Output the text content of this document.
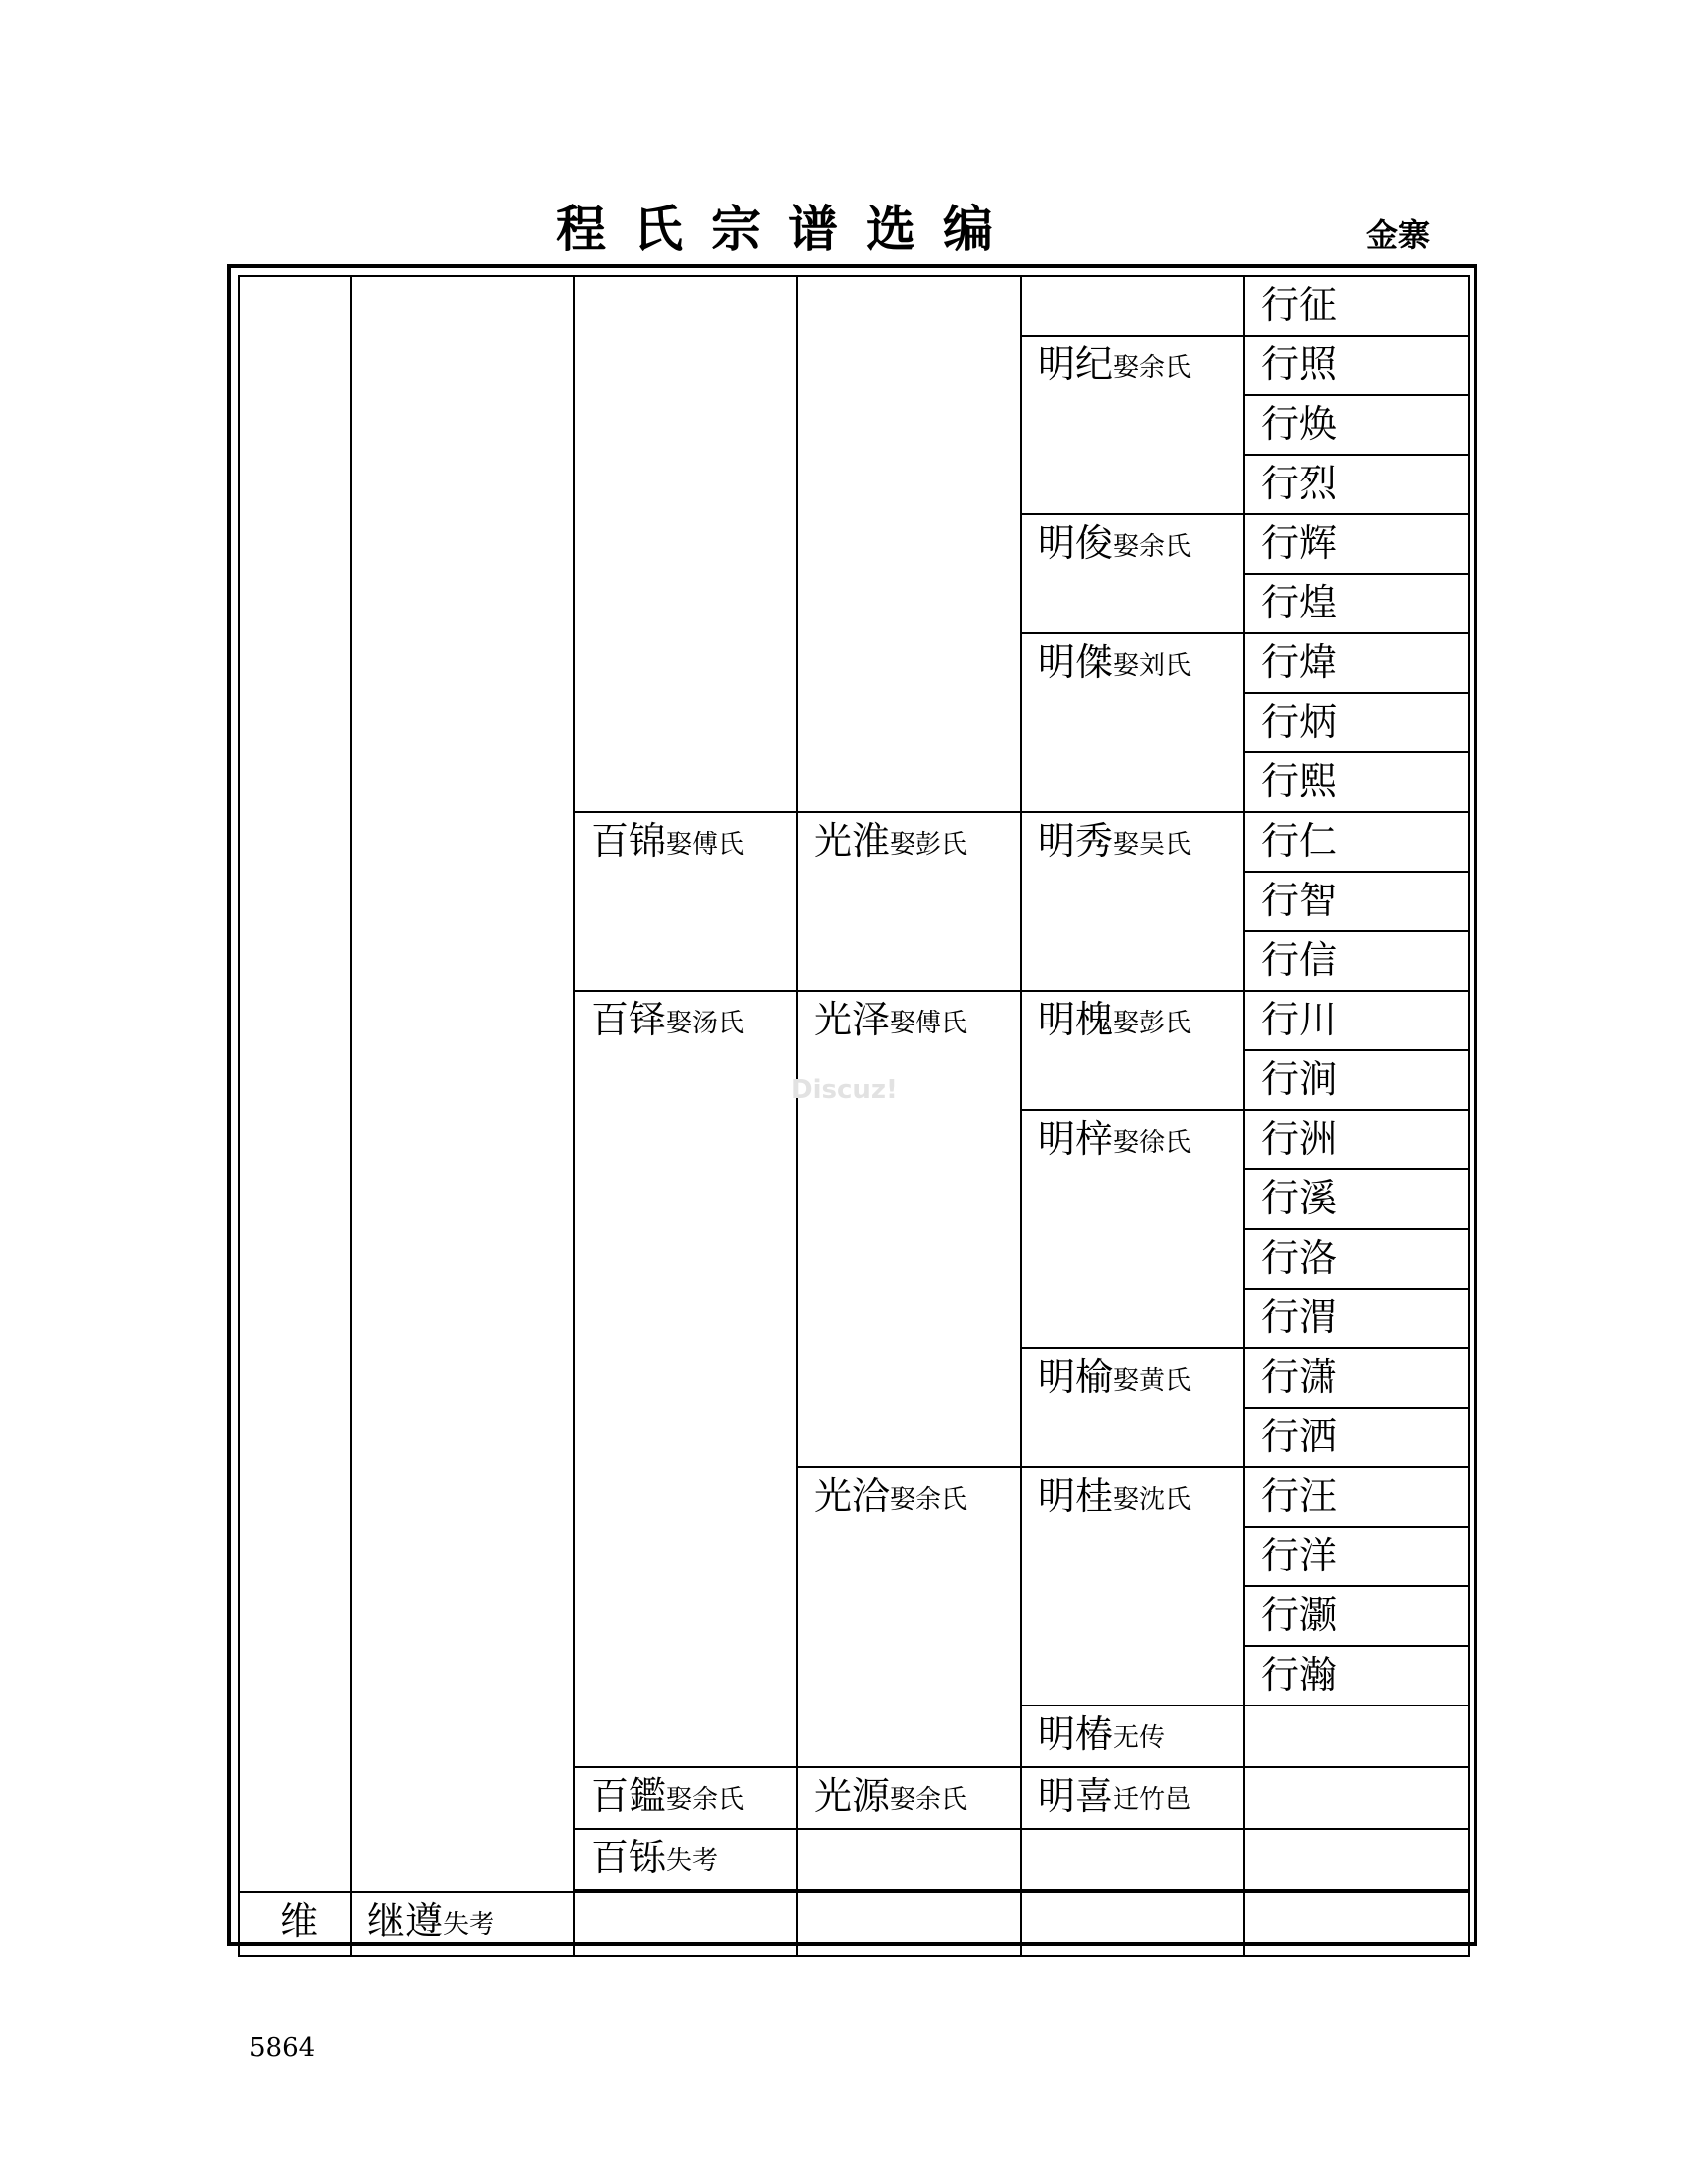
程氏宗谱选编	金寨
					行征
				明纪娶余氏	行照
					行焕
					行烈
				明俊娶余氏	行辉
					行煌
				明傑娶刘氏	行煒
					行炳
					行熙
		百锦娶傅氏	光淮娶彭氏	明秀娶吴氏	行仁
					行智
					行信
		百铎娶汤氏	光泽娶傅氏	明槐娶彭氏	行川
					行涧
				明梓娶徐氏	行洲
					行溪
					行洛
					行渭
				明榆娶黄氏	行潇
					行洒
			光洽娶余氏	明桂娶沈氏	行汪
					行洋
					行灏
					行瀚
				明椿无传	
		百鑑娶余氏	光源娶余氏	明喜迁竹邑	
		百铄失考			

维	继遵失考				
Discuz!
5864
